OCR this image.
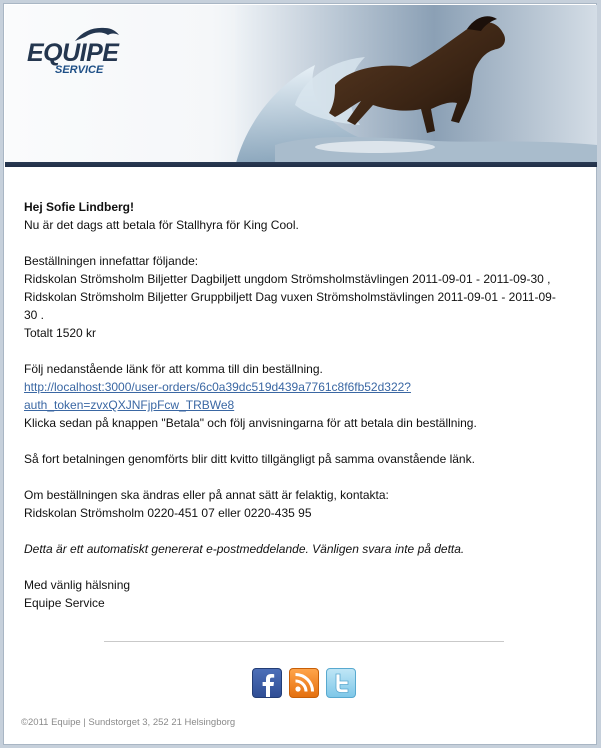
EQUIPE
SERVICE

Hej Sofie Lindberg!

Nu är det dags att betala för Stallhyra för King Cool.

Beställningen innefattar följande:

Ridskolan Strömsholm Biljetter Dagbiljett ungdom Strömsholmstävlingen 2011-09-01 - 2011-09-30 ,

Ridskolan Strömsholm Biljetter Gruppbiljett Dag vuxen Strömsholmstävlingen 2011-09-01 - 2011-09-

30 .

Totalt 1520 kr

Följ nedanstående länk för att komma till din beställning.

http://localhost:3000/user-orders/6c0a39dc519d439a7761c8f6fb52d322?
auth_token=zvxQXJNFjpFcw_TRBWe8

Klicka sedan på knappen "Betala" och följ anvisningarna för att betala din beställning.

Så fort betalningen genomförts blir ditt kvitto tillgängligt på samma ovanstående länk.

Om beställningen ska ändras eller på annat sätt är felaktig, kontakta:

Ridskolan Strömsholm 0220-451 07 eller 0220-435 95

Detta är ett automatiskt genererat e-postmeddelande. Vänligen svara inte på detta.

Med vänlig hälsning

Equipe Service

©2011 Equipe | Sundstorget 3, 252 21 Helsingborg
